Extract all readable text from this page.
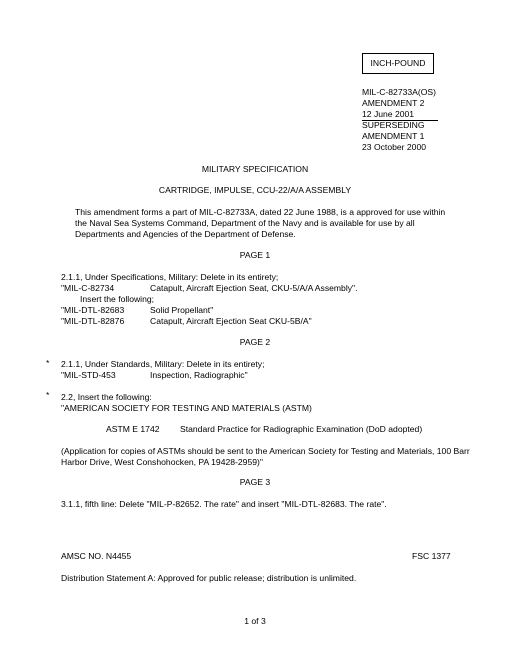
INCH-POUND
MIL-C-82733A(OS)
AMENDMENT 2
12 June 2001
SUPERSEDING
AMENDMENT 1
23 October 2000
MILITARY SPECIFICATION
CARTRIDGE, IMPULSE, CCU-22/A/A ASSEMBLY
This amendment forms a part of MIL-C-82733A, dated 22 June 1988, is a approved for use within
the Naval Sea Systems Command, Department of the Navy and is available for use by all
Departments and Agencies of the Department of Defense.
PAGE 1
2.1.1, Under Specifications, Military: Delete in its entirety;
"MIL-C-82734	Catapult, Aircraft Ejection Seat, CKU-5/A/A Assembly".
Insert the following;
"MIL-DTL-82683	Solid Propellant"
"MIL-DTL-82876	Catapult, Aircraft Ejection Seat CKU-5B/A"
PAGE 2
* 2.1.1, Under Standards, Military: Delete in its entirety;
"MIL-STD-453	Inspection, Radiographic"
* 2.2, Insert the following:
"AMERICAN SOCIETY FOR TESTING AND MATERIALS (ASTM)
ASTM E 1742 Standard Practice for Radiographic Examination (DoD adopted)
(Application for copies of ASTMs should be sent to the American Society for Testing and Materials, 100 Barr
Harbor Drive, West Conshohocken, PA 19428-2959)"
PAGE 3
3.1.1, fifth line: Delete "MIL-P-82652. The rate" and insert "MIL-DTL-82683. The rate".
AMSC NO. N4455	FSC 1377
Distribution Statement A: Approved for public release; distribution is unlimited.
1 of 3
